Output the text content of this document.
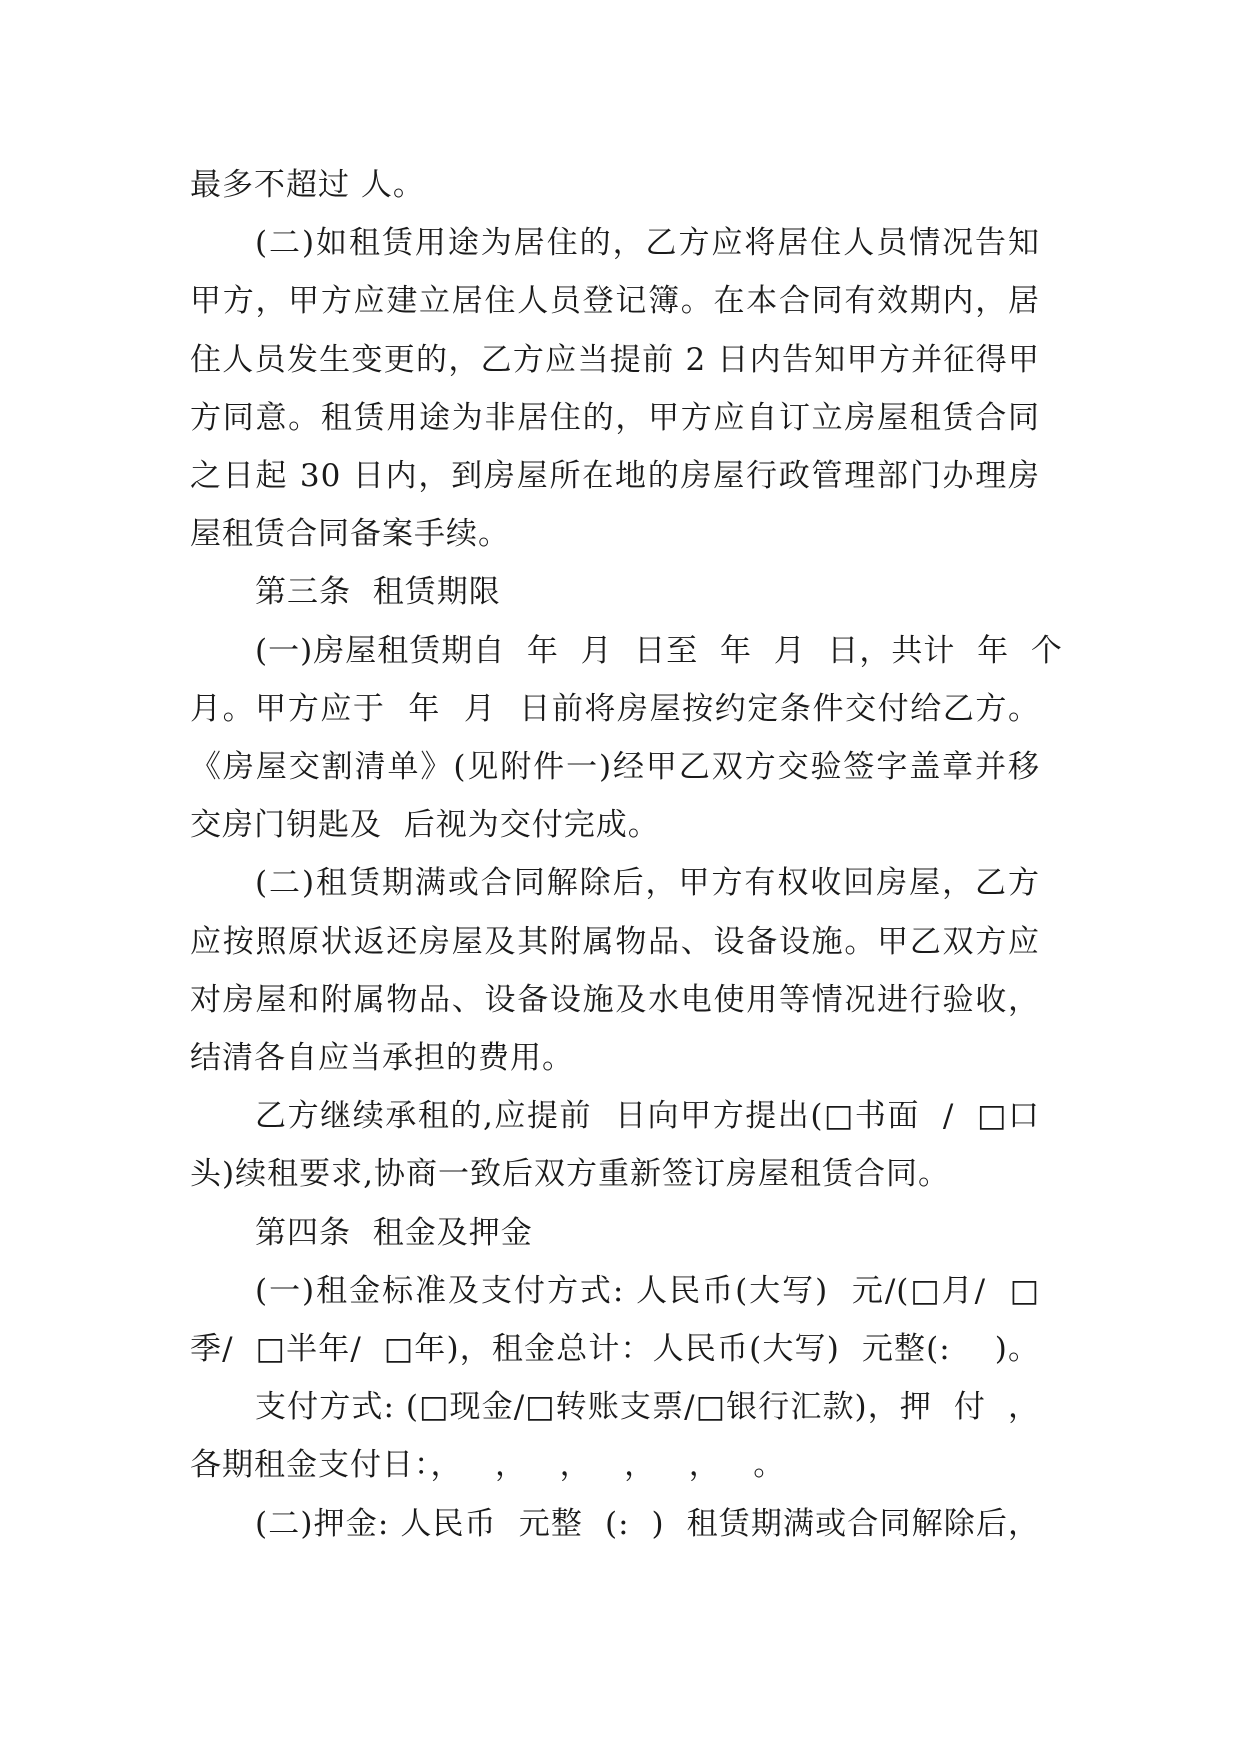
最多不超过 人。
(二)如租赁用途为居住的，乙方应将居住人员情况告知
甲方，甲方应建立居住人员登记簿。在本合同有效期内，居
住人员发生变更的，乙方应当提前 2 日内告知甲方并征得甲
方同意。租赁用途为非居住的，甲方应自订立房屋租赁合同
之日起 30 日内，到房屋所在地的房屋行政管理部门办理房
屋租赁合同备案手续。
第三条  租赁期限
(一)房屋租赁期自  年  月  日至  年  月  日，共计  年  个
月。甲方应于  年  月  日前将房屋按约定条件交付给乙方。
《房屋交割清单》(见附件一)经甲乙双方交验签字盖章并移
交房门钥匙及  后视为交付完成。
(二)租赁期满或合同解除后，甲方有权收回房屋，乙方
应按照原状返还房屋及其附属物品、设备设施。甲乙双方应
对房屋和附属物品、设备设施及水电使用等情况进行验收，
结清各自应当承担的费用。
乙方继续承租的,应提前  日向甲方提出(□书面  /  □口
头)续租要求,协商一致后双方重新签订房屋租赁合同。
第四条  租金及押金
(一)租金标准及支付方式: 人民币(大写)  元/(□月/  □
季/  □半年/  □年)，租金总计：人民币(大写)  元整(:    )。
支付方式: (□现金/□转账支票/□银行汇款)，押  付  ，
各期租金支付日：，   ，   ，   ，   ，   。
(二)押金: 人民币  元整  (:  )  租赁期满或合同解除后，
